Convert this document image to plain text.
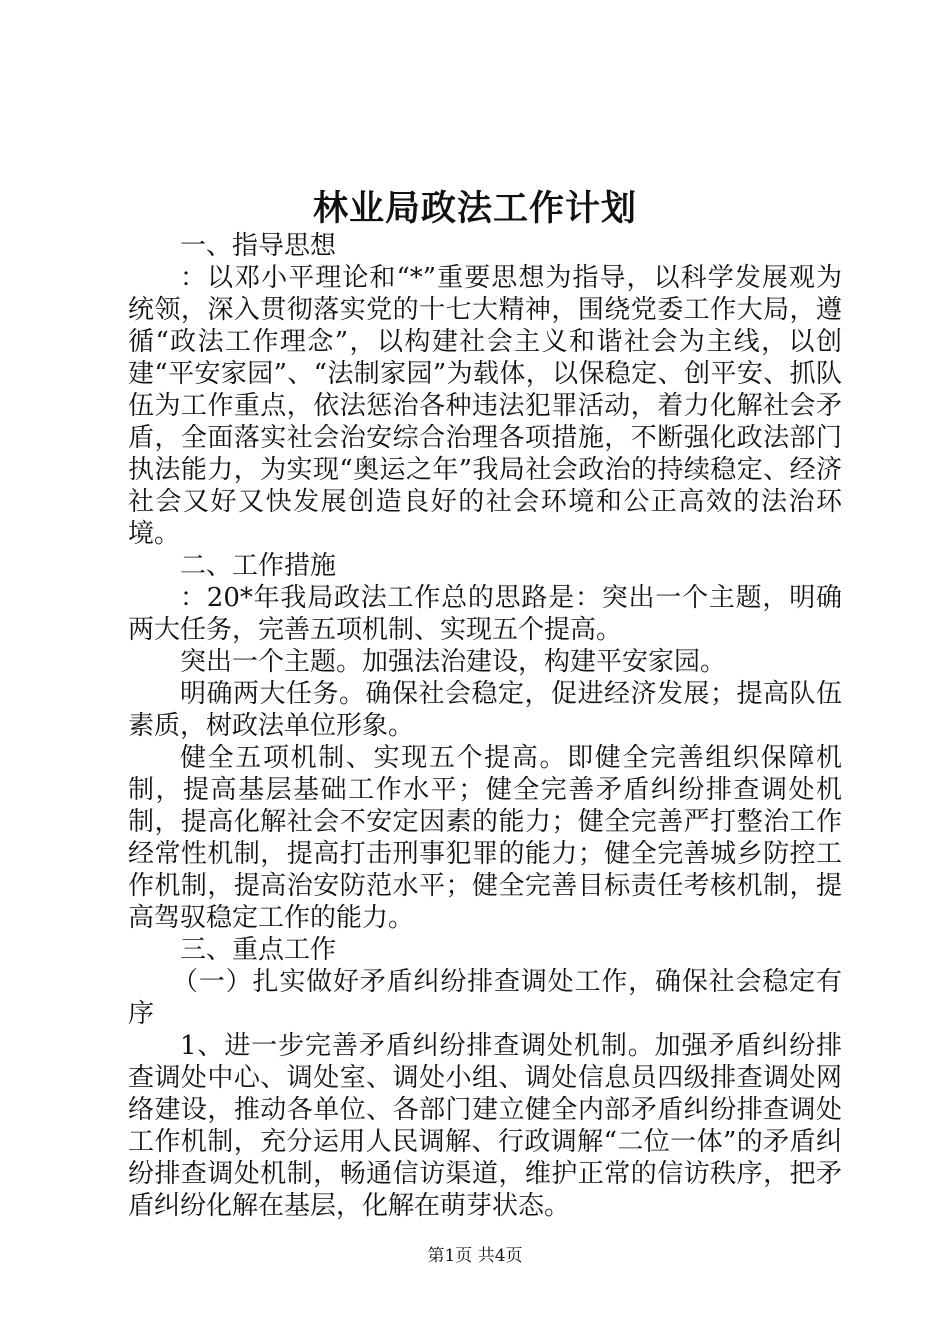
林业局政法工作计划

一、指导思想

：以邓小平理论和“*”重要思想为指导，以科学发展观为统领，深入贯彻落实党的十七大精神，围绕党委工作大局，遵循“政法工作理念”，以构建社会主义和谐社会为主线，以创建“平安家园”、“法制家园”为载体，以保稳定、创平安、抓队伍为工作重点，依法惩治各种违法犯罪活动，着力化解社会矛盾，全面落实社会治安综合治理各项措施，不断强化政法部门执法能力，为实现“奥运之年”我局社会政治的持续稳定、经济社会又好又快发展创造良好的社会环境和公正高效的法治环境。

二、工作措施

：20*年我局政法工作总的思路是：突出一个主题，明确两大任务，完善五项机制、实现五个提高。

突出一个主题。加强法治建设，构建平安家园。

明确两大任务。确保社会稳定，促进经济发展；提高队伍素质，树政法单位形象。

健全五项机制、实现五个提高。即健全完善组织保障机制，提高基层基础工作水平；健全完善矛盾纠纷排查调处机制，提高化解社会不安定因素的能力；健全完善严打整治工作经常性机制，提高打击刑事犯罪的能力；健全完善城乡防控工作机制，提高治安防范水平；健全完善目标责任考核机制，提高驾驭稳定工作的能力。

三、重点工作

（一）扎实做好矛盾纠纷排查调处工作，确保社会稳定有序

1、进一步完善矛盾纠纷排查调处机制。加强矛盾纠纷排查调处中心、调处室、调处小组、调处信息员四级排查调处网络建设，推动各单位、各部门建立健全内部矛盾纠纷排查调处工作机制，充分运用人民调解、行政调解“二位一体”的矛盾纠纷排查调处机制，畅通信访渠道，维护正常的信访秩序，把矛盾纠纷化解在基层，化解在萌芽状态。

第1页 共4页
